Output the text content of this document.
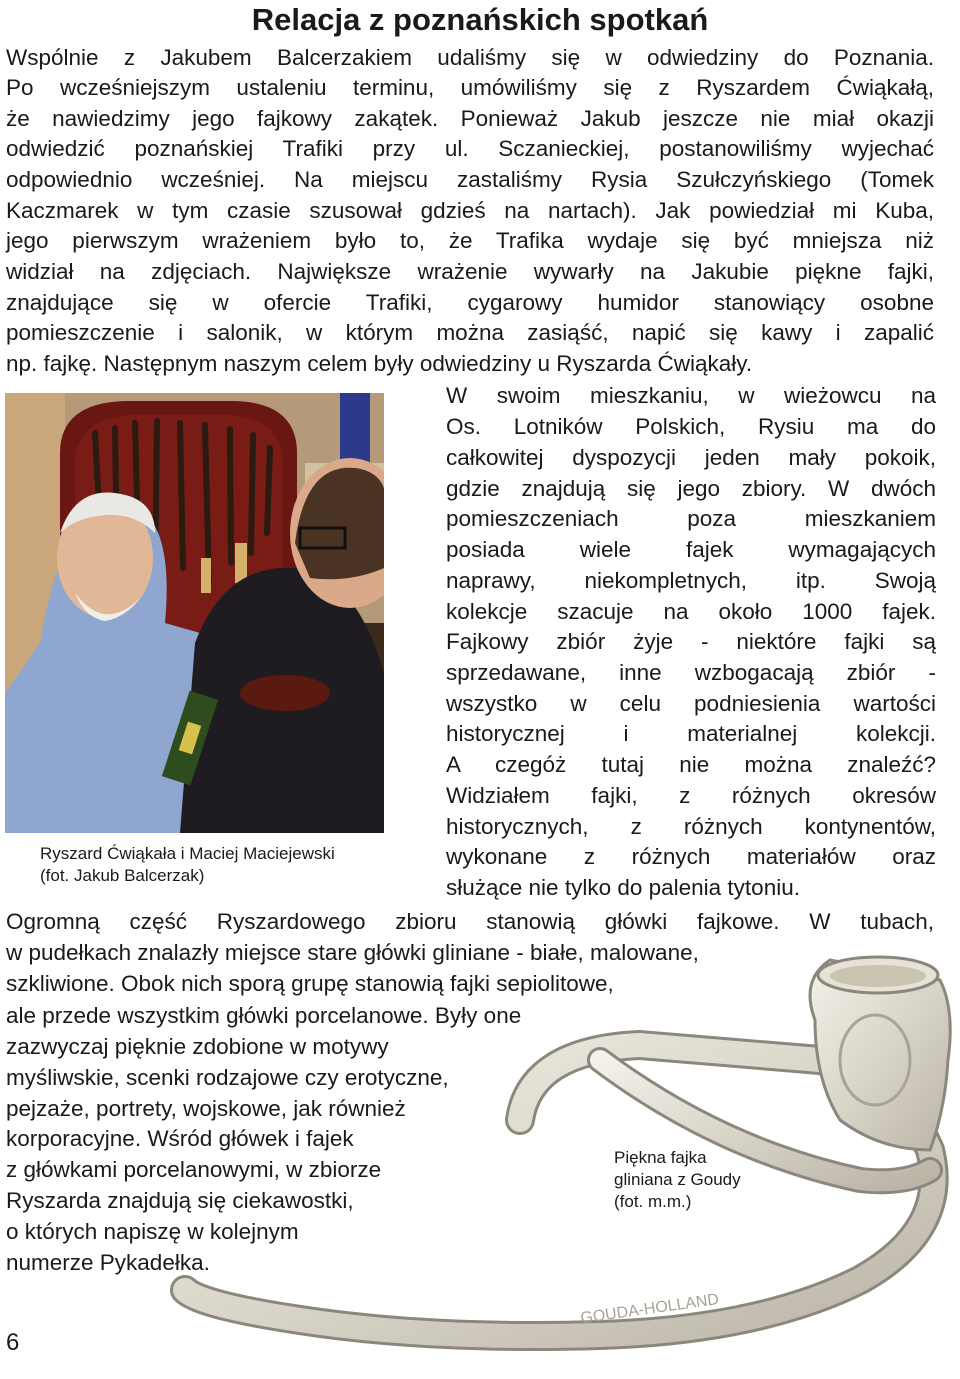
Relacja z poznańskich spotkań
Wspólnie z Jakubem Balcerzakiem udaliśmy się w odwiedziny do Poznania.
Po wcześniejszym ustaleniu terminu, umówiliśmy się z Ryszardem Ćwiąkałą,
że nawiedzimy jego fajkowy zakątek. Ponieważ Jakub jeszcze nie miał okazji
odwiedzić poznańskiej Trafiki przy ul. Sczanieckiej, postanowiliśmy wyjechać
odpowiednio wcześniej. Na miejscu zastaliśmy Rysia Szułczyńskiego (Tomek
Kaczmarek w tym czasie szusował gdzieś na nartach). Jak powiedział mi Kuba,
jego pierwszym wrażeniem było to, że Trafika wydaje się być mniejsza niż
widział na zdjęciach. Największe wrażenie wywarły na Jakubie piękne fajki,
znajdujące się w ofercie Trafiki, cygarowy humidor stanowiący osobne
pomieszczenie i salonik, w którym można zasiąść, napić się kawy i zapalić
np. fajkę. Następnym naszym celem były odwiedziny u Ryszarda Ćwiąkały.
Ryszard Ćwiąkała i Maciej Maciejewski
(fot. Jakub Balcerzak)
W swoim mieszkaniu, w wieżowcu na
Os. Lotników Polskich, Rysiu ma do
całkowitej dyspozycji jeden mały pokoik,
gdzie znajdują się jego zbiory. W dwóch
pomieszczeniach poza mieszkaniem
posiada wiele fajek wymagających
naprawy, niekompletnych, itp. Swoją
kolekcje szacuje na około 1000 fajek.
Fajkowy zbiór żyje - niektóre fajki są
sprzedawane, inne wzbogacają zbiór -
wszystko w celu podniesienia wartości
historycznej i materialnej kolekcji.
A czegóż tutaj nie można znaleźć?
Widziałem fajki, z różnych okresów
historycznych, z różnych kontynentów,
wykonane z różnych materiałów oraz
służące nie tylko do palenia tytoniu.
GOUDA-HOLLAND
Piękna fajka
gliniana z Goudy
(fot. m.m.)
Ogromną część Ryszardowego zbioru stanowią główki fajkowe. W tubach,
w pudełkach znalazły miejsce stare główki gliniane - białe, malowane,
szkliwione. Obok nich sporą grupę stanowią fajki sepiolitowe,
ale przede wszystkim główki porcelanowe. Były one
zazwyczaj pięknie zdobione w motywy
myśliwskie, scenki rodzajowe czy erotyczne,
pejzaże, portrety, wojskowe, jak również
korporacyjne. Wśród główek i fajek
z główkami porcelanowymi, w zbiorze
Ryszarda znajdują się ciekawostki,
o których napiszę w kolejnym
numerze Pykadełka.
6
